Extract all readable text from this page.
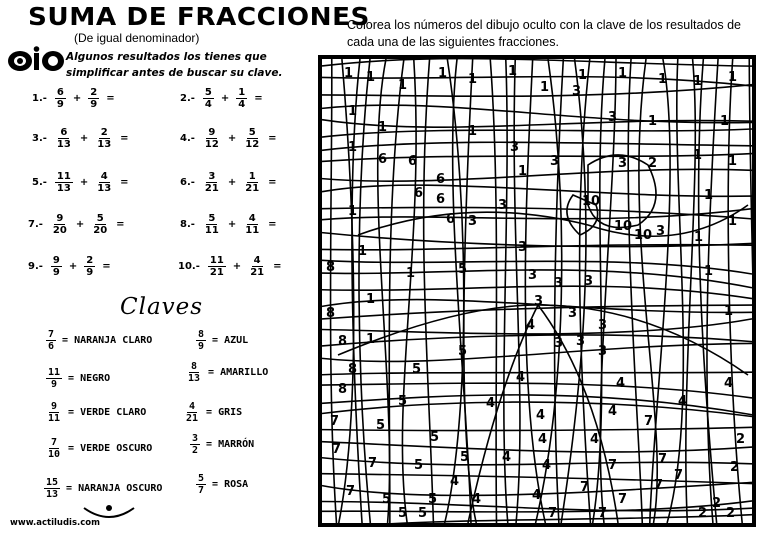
SUMA DE FRACCIONES
(De igual denominador)
Algunos resultados los tienes que simplificar antes de buscar su clave.
Colorea los números del dibujo oculto con la clave de los resultados de cada una de las siguientes fracciones.
$1.- \frac{6}{9} + \frac{2}{9}$ =	$2.- \frac{5}{4} + \frac{1}{4}$ =
$3.- \frac{6}{13} + \frac{2}{13}$ =	$4.- \frac{9}{12} + \frac{5}{12}$ =
$5.- \frac{11}{13} + \frac{4}{13}$ =	$6.- \frac{3}{21} + \frac{1}{21}$ =
$7.- \frac{9}{20} + \frac{5}{20}$ =	$8.- \frac{5}{11} + \frac{4}{11}$ =
$9.- \frac{9}{9} + \frac{2}{9}$ =	$10.- \frac{11}{21} + \frac{4}{21}$ =
Claves
$\frac{7}{6}$ = NARANJA CLARO	$\frac{8}{9}$ = AZUL
$\frac{11}{9}$ = NEGRO	$\frac{8}{13}$ = AMARILLO
$\frac{9}{11}$ = VERDE CLARO	$\frac{4}{21}$ = GRIS
$\frac{7}{10}$ = VERDE OSCURO	$\frac{3}{2}$ = MARRÓN
$\frac{15}{13}$ = NARANJA OSCURO	$\frac{5}{7}$ = ROSA
www.actiludis.com
1 1
1
1 1
1
1
1 1 1 1 1
3
3 1	1
1
1
6 6
6
6
1
3
3	3 2
1 1
6
6
1
1	3
3
10
1
1
1
1	3
10
10 3 1
8
1
1	5	3
3 3
1
8
1
3
3
3
3
1
8
8
4
3 3
4
5
8
5
4
4
4
5
5
4
4
4
7	5
5
4	4
7
7
7
5
5
4
4	7
7
2
7
5
4
4
7
7
2
2
7	7
5 5
4
7	7	2 2
